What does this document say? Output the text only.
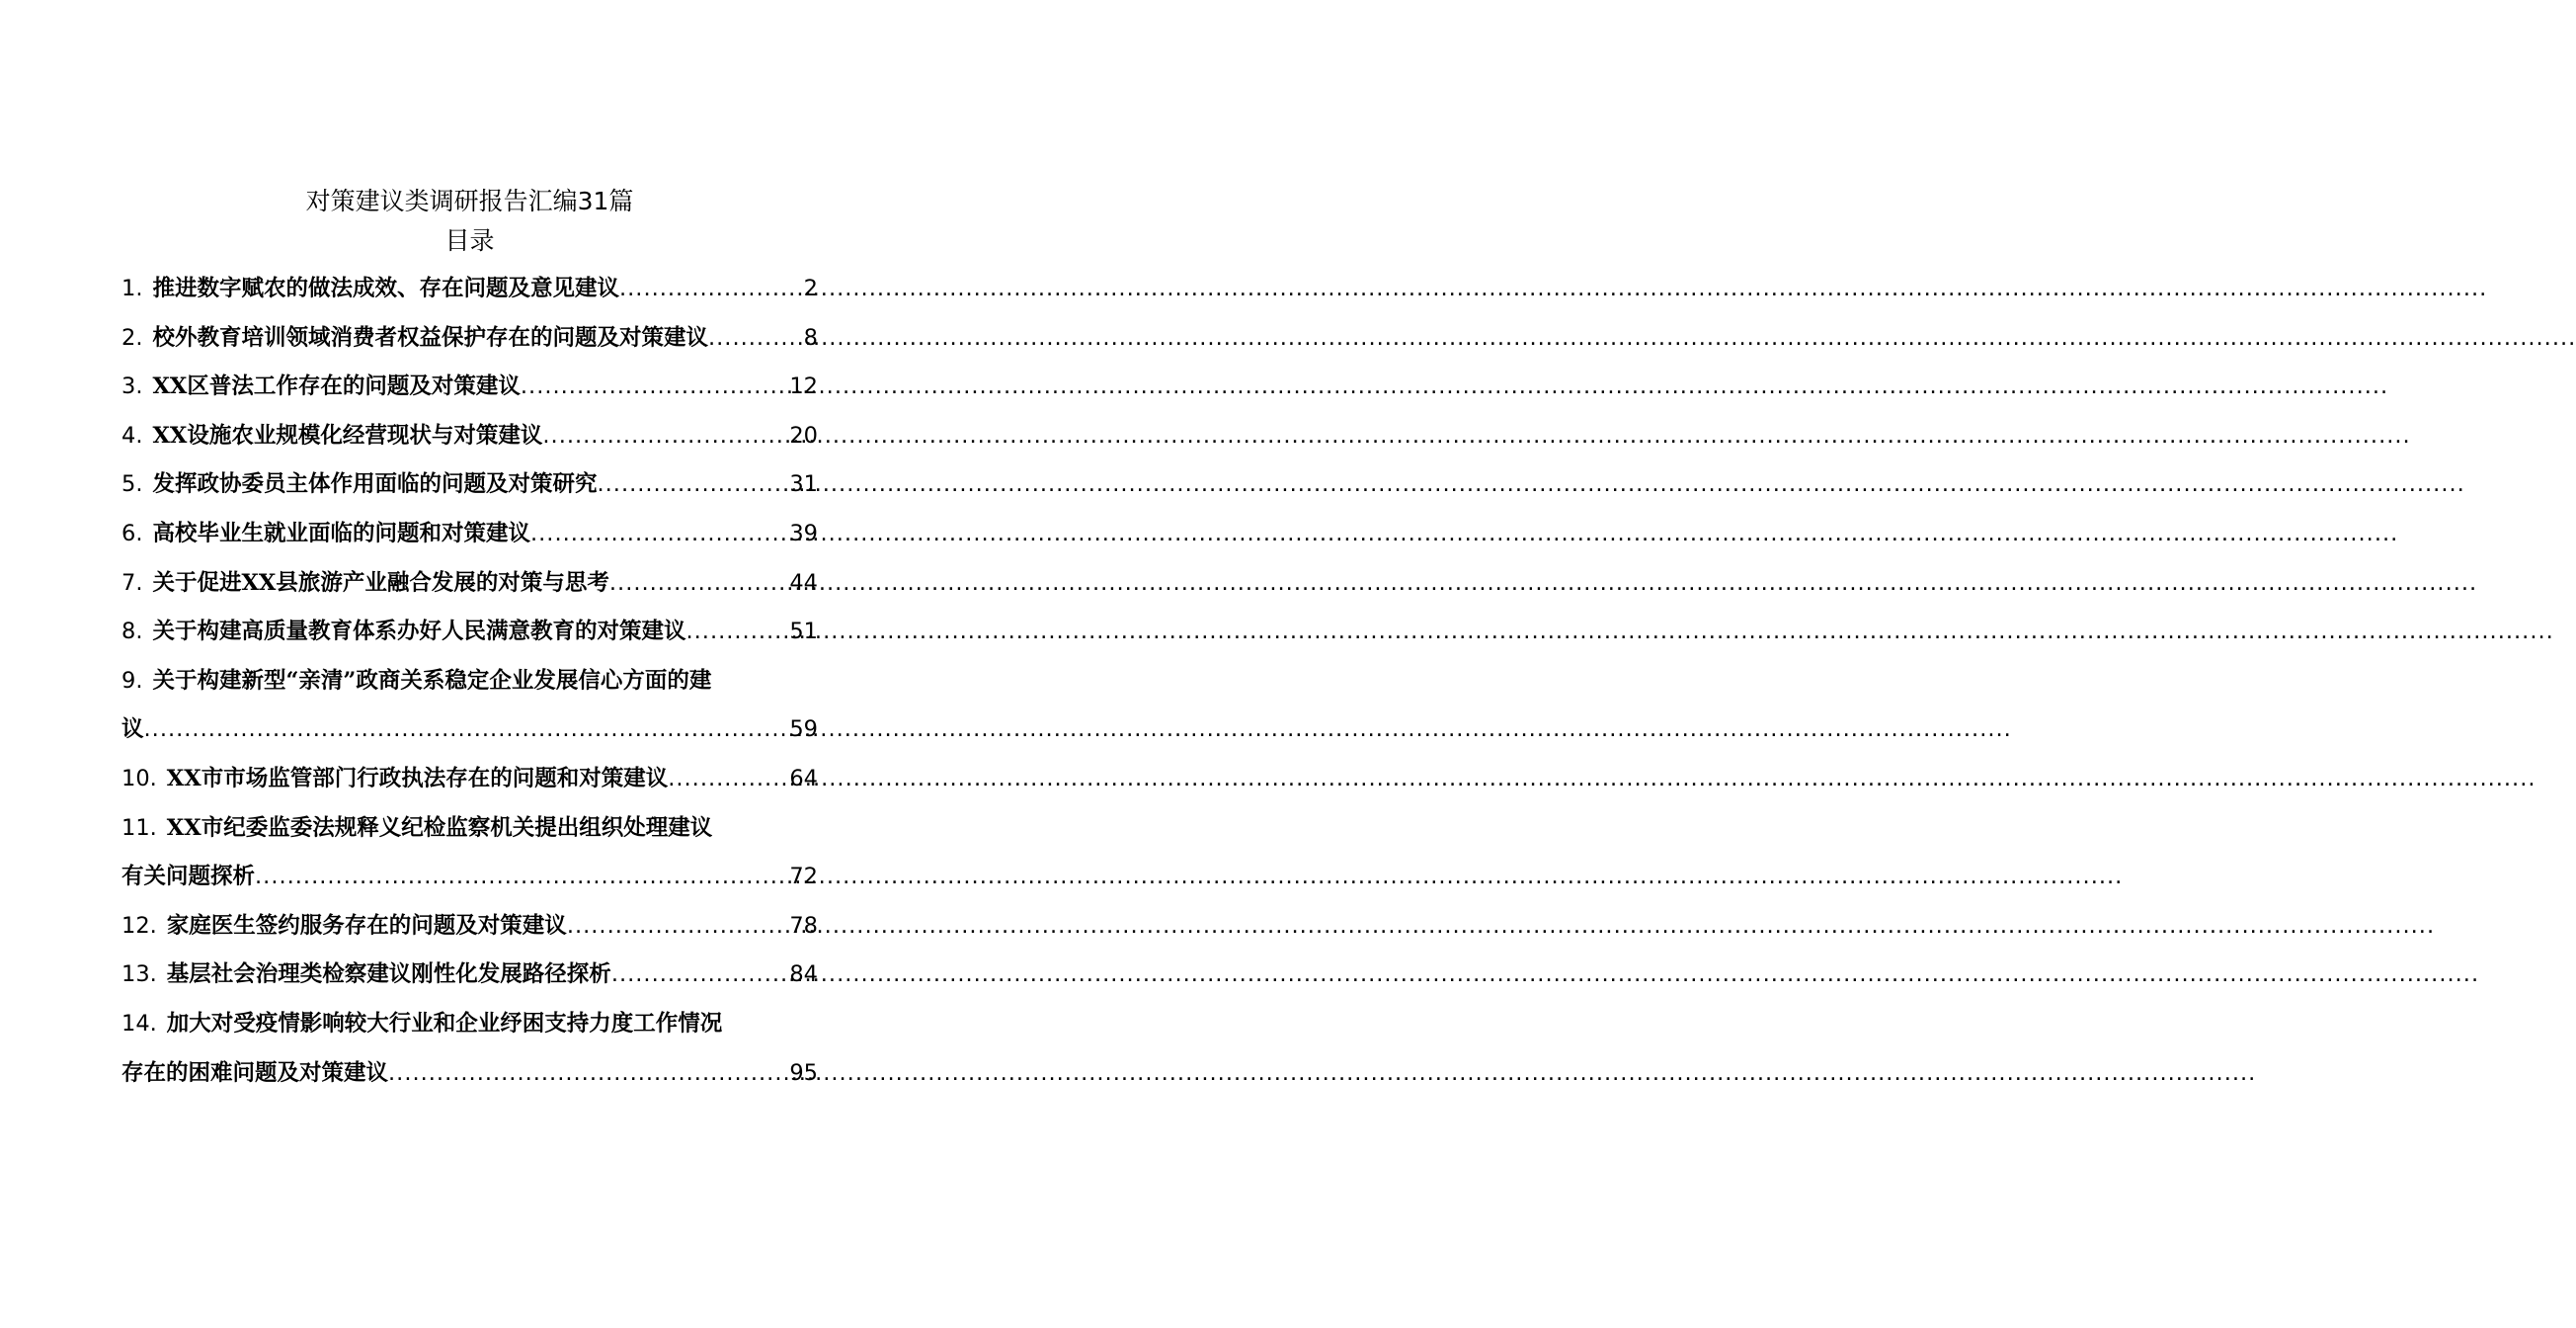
对策建议类调研报告汇编31篇
目录
1. 推进数字赋农的做法成效、存在问题及意见建议 .....	2
2. 校外教育培训领域消费者权益保护存在的问题及对策建议 .....	8
3. XX区普法工作存在的问题及对策建议 .....	12
4. XX设施农业规模化经营现状与对策建议 .....	20
5. 发挥政协委员主体作用面临的问题及对策研究 .....	31
6. 高校毕业生就业面临的问题和对策建议 .....	39
7. 关于促进XX县旅游产业融合发展的对策与思考 .....	44
8. 关于构建高质量教育体系办好人民满意教育的对策建议 .....	51
9. 关于构建新型“亲清”政商关系稳定企业发展信心方面的建
议 .....	59
10. XX市市场监管部门行政执法存在的问题和对策建议 .....	64
11. XX市纪委监委法规释义纪检监察机关提出组织处理建议
有关问题探析 .....	72
12. 家庭医生签约服务存在的问题及对策建议 .....	78
13. 基层社会治理类检察建议刚性化发展路径探析 .....	84
14. 加大对受疫情影响较大行业和企业纾困支持力度工作情况
存在的困难问题及对策建议 .....	95
